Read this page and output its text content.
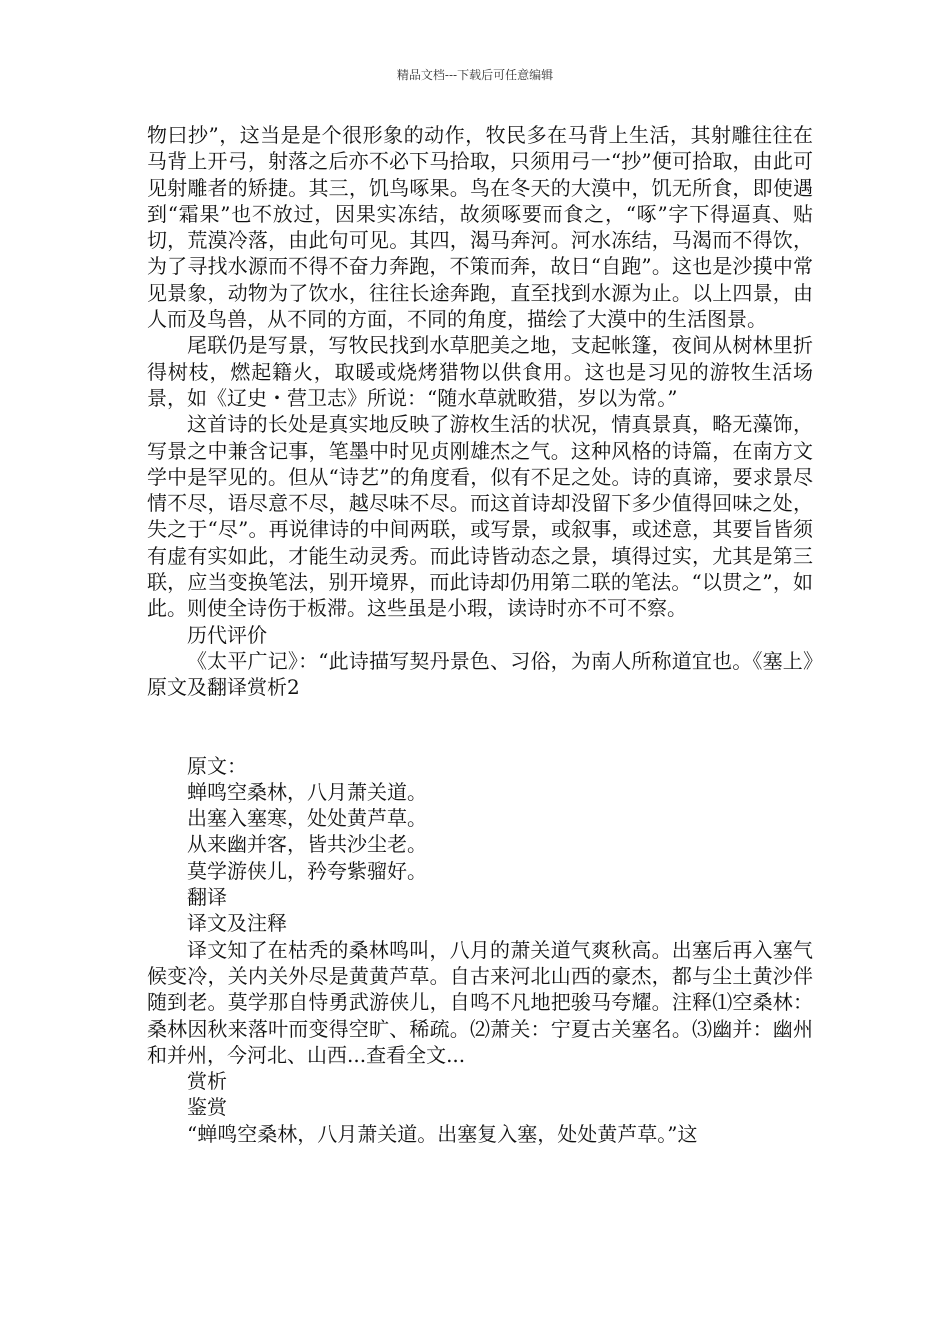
精品文档---下载后可任意编辑

物曰抄”，这当是是个很形象的动作，牧民多在马背上生活，其射雕往往在马背上开弓，射落之后亦不必下马拾取，只须用弓一“抄”便可拾取，由此可见射雕者的矫捷。其三，饥鸟啄果。鸟在冬天的大漠中，饥无所食，即使遇到“霜果”也不放过，因果实冻结，故须啄要而食之，“啄”字下得逼真、贴切，荒漠冷落，由此句可见。其四，渴马奔河。河水冻结，马渴而不得饮，为了寻找水源而不得不奋力奔跑，不策而奔，故日“自跑”。这也是沙摸中常见景象，动物为了饮水，往往长途奔跑，直至找到水源为止。以上四景，由人而及鸟兽，从不同的方面，不同的角度，描绘了大漠中的生活图景。

尾联仍是写景，写牧民找到水草肥美之地，支起帐篷，夜间从树林里折得树枝，燃起籍火，取暖或烧烤猎物以供食用。这也是习见的游牧生活场景，如《辽史・营卫志》所说：“随水草就畋猎，岁以为常。”

这首诗的长处是真实地反映了游枚生活的状况，情真景真，略无藻饰，写景之中兼含记事，笔墨中时见贞刚雄杰之气。这种风格的诗篇，在南方文学中是罕见的。但从“诗艺”的角度看，似有不足之处。诗的真谛，要求景尽情不尽，语尽意不尽，越尽味不尽。而这首诗却没留下多少值得回味之处，失之于“尽”。再说律诗的中间两联，或写景，或叙事，或述意，其要旨皆须有虚有实如此，才能生动灵秀。而此诗皆动态之景，填得过实，尤其是第三联，应当变换笔法，别开境界，而此诗却仍用第二联的笔法。“以贯之”，如此。则使全诗伤于板滞。这些虽是小瑕，读诗时亦不可不察。

历代评价

《太平广记》：“此诗描写契丹景色、习俗，为南人所称道宜也。《塞上》原文及翻译赏析2

原文：

蝉鸣空桑林，八月萧关道。

出塞入塞寒，处处黄芦草。

从来幽并客，皆共沙尘老。

莫学游侠儿，矜夸紫骝好。

翻译

译文及注释

译文知了在枯秃的桑林鸣叫，八月的萧关道气爽秋高。出塞后再入塞气候变冷，关内关外尽是黄黄芦草。自古来河北山西的豪杰，都与尘土黄沙伴随到老。莫学那自恃勇武游侠儿，自鸣不凡地把骏马夸耀。注释⑴空桑林：桑林因秋来落叶而变得空旷、稀疏。⑵萧关：宁夏古关塞名。⑶幽并：幽州和并州，今河北、山西...查看全文...

赏析

鉴赏

“蝉鸣空桑林，八月萧关道。出塞复入塞，处处黄芦草。”这
